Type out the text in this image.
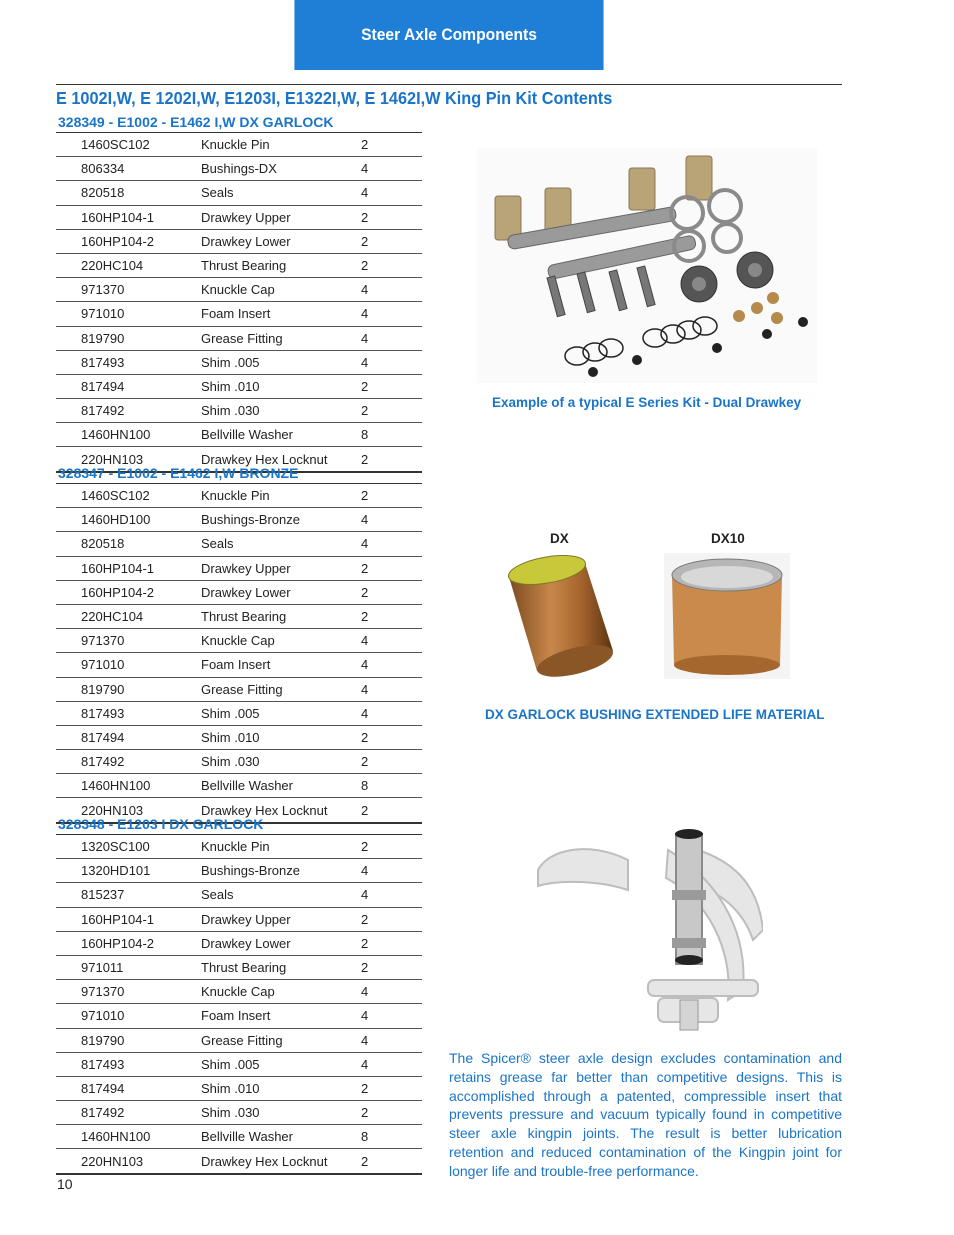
Steer Axle Components
E 1002I,W, E 1202I,W, E1203I, E1322I,W, E 1462I,W King Pin Kit Contents
328349 - E1002 - E1462 I,W DX GARLOCK
1460SC102	Knuckle Pin	2
806334	Bushings-DX	4
820518	Seals	4
160HP104-1	Drawkey Upper	2
160HP104-2	Drawkey Lower	2
220HC104	Thrust Bearing	2
971370	Knuckle Cap	4
971010	Foam Insert	4
819790	Grease Fitting	4
817493	Shim .005	4
817494	Shim .010	2
817492	Shim .030	2
1460HN100	Bellville Washer	8
220HN103	Drawkey Hex Locknut	2
328347 - E1002 - E1462 I,W BRONZE
1460SC102	Knuckle Pin	2
1460HD100	Bushings-Bronze	4
820518	Seals	4
160HP104-1	Drawkey Upper	2
160HP104-2	Drawkey Lower	2
220HC104	Thrust Bearing	2
971370	Knuckle Cap	4
971010	Foam Insert	4
819790	Grease Fitting	4
817493	Shim .005	4
817494	Shim .010	2
817492	Shim .030	2
1460HN100	Bellville Washer	8
220HN103	Drawkey Hex Locknut	2
328348 - E1203 I DX GARLOCK
1320SC100	Knuckle Pin	2
1320HD101	Bushings-Bronze	4
815237	Seals	4
160HP104-1	Drawkey Upper	2
160HP104-2	Drawkey Lower	2
971011	Thrust Bearing	2
971370	Knuckle Cap	4
971010	Foam Insert	4
819790	Grease Fitting	4
817493	Shim .005	4
817494	Shim .010	2
817492	Shim .030	2
1460HN100	Bellville Washer	8
220HN103	Drawkey Hex Locknut	2
Example of a typical E Series Kit - Dual Drawkey
DX	DX10
DX GARLOCK BUSHING EXTENDED LIFE MATERIAL
The Spicer® steer axle design excludes contamination and retains grease far better than competitive designs. This is accomplished through a patented, compressible insert that prevents pressure and vacuum typically found in competitive steer axle kingpin joints. The result is better lubrication retention and reduced contamination of the Kingpin joint for longer life and trouble-free performance.
10
